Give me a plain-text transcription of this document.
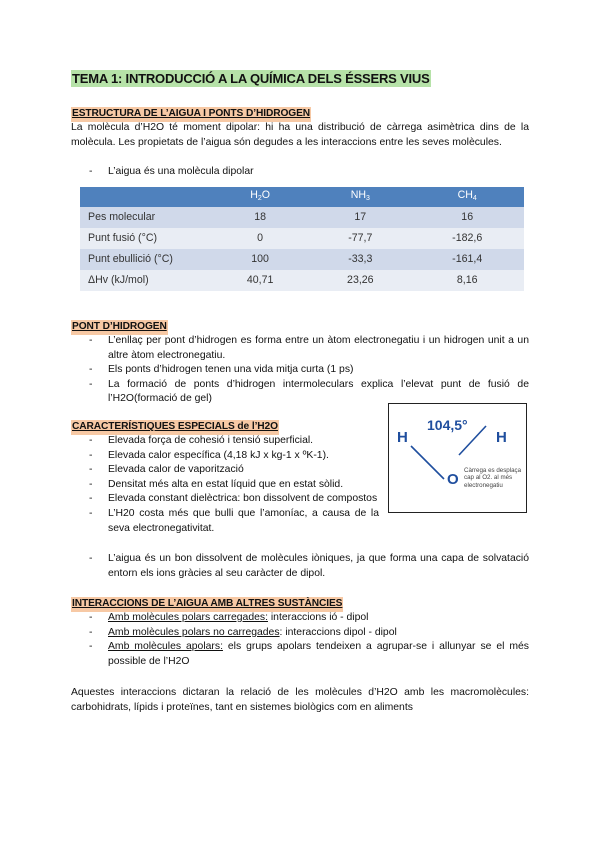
TEMA 1: INTRODUCCIÓ A LA QUÍMICA DELS ÉSSERS VIUS
ESTRUCTURA DE L’AIGUA I PONTS D’HIDROGEN
La molècula d’H2O té moment dipolar: hi ha una distribució de càrrega asimètrica dins de la molècula. Les propietats de l’aigua són degudes a les interaccions entre les seves molècules.
- L’aigua és una molècula dipolar
	$H_2O$	$NH_3$	$CH_4$
Pes molecular	18	17	16
Punt fusió (°C)	0	-77,7	-182,6
Punt ebullició (°C)	100	-33,3	-161,4
ΔHv (kJ/mol)	40,71	23,26	8,16
PONT D’HIDROGEN
- L’enllaç per pont d’hidrogen es forma entre un àtom electronegatiu i un hidrogen unit a un altre àtom electronegatiu.
- Els ponts d’hidrogen tenen una vida mitja curta (1 ps)
- La formació de ponts d’hidrogen intermoleculars explica l’elevat punt de fusió de l’H2O(formació de gel)
CARACTERÍSTIQUES ESPECIALS de l’H2O
- Elevada força de cohesió i tensió superficial.
- Elevada calor específica (4,18 kJ x kg-1 x ºK-1).
- Elevada calor de vaporització
- Densitat més alta en estat líquid que en estat sòlid.
- Elevada constant dielèctrica: bon dissolvent de compostos
- L’H20 costa més que bulli que l’amoníac, a causa de la seva electronegativitat.
- L’aigua és un bon dissolvent de molècules iòniques, ja que forma una capa de solvatació entorn els ions gràcies al seu caràcter de dipol.
H
104,5°
H
O
Càrrega es desplaça cap al O2. al més electronegatiu
INTERACCIONS DE L’AIGUA AMB ALTRES SUSTÀNCIES
- Amb molècules polars carregades: interaccions ió - dipol
- Amb molècules polars no carregades: interaccions dipol - dipol
- Amb molècules apolars: els grups apolars tendeixen a agrupar-se i allunyar se el més possible de l’H2O
Aquestes interaccions dictaran la relació de les molècules d’H2O amb les macromolècules: carbohidrats, lípids i proteïnes, tant en sistemes biològics com en aliments
